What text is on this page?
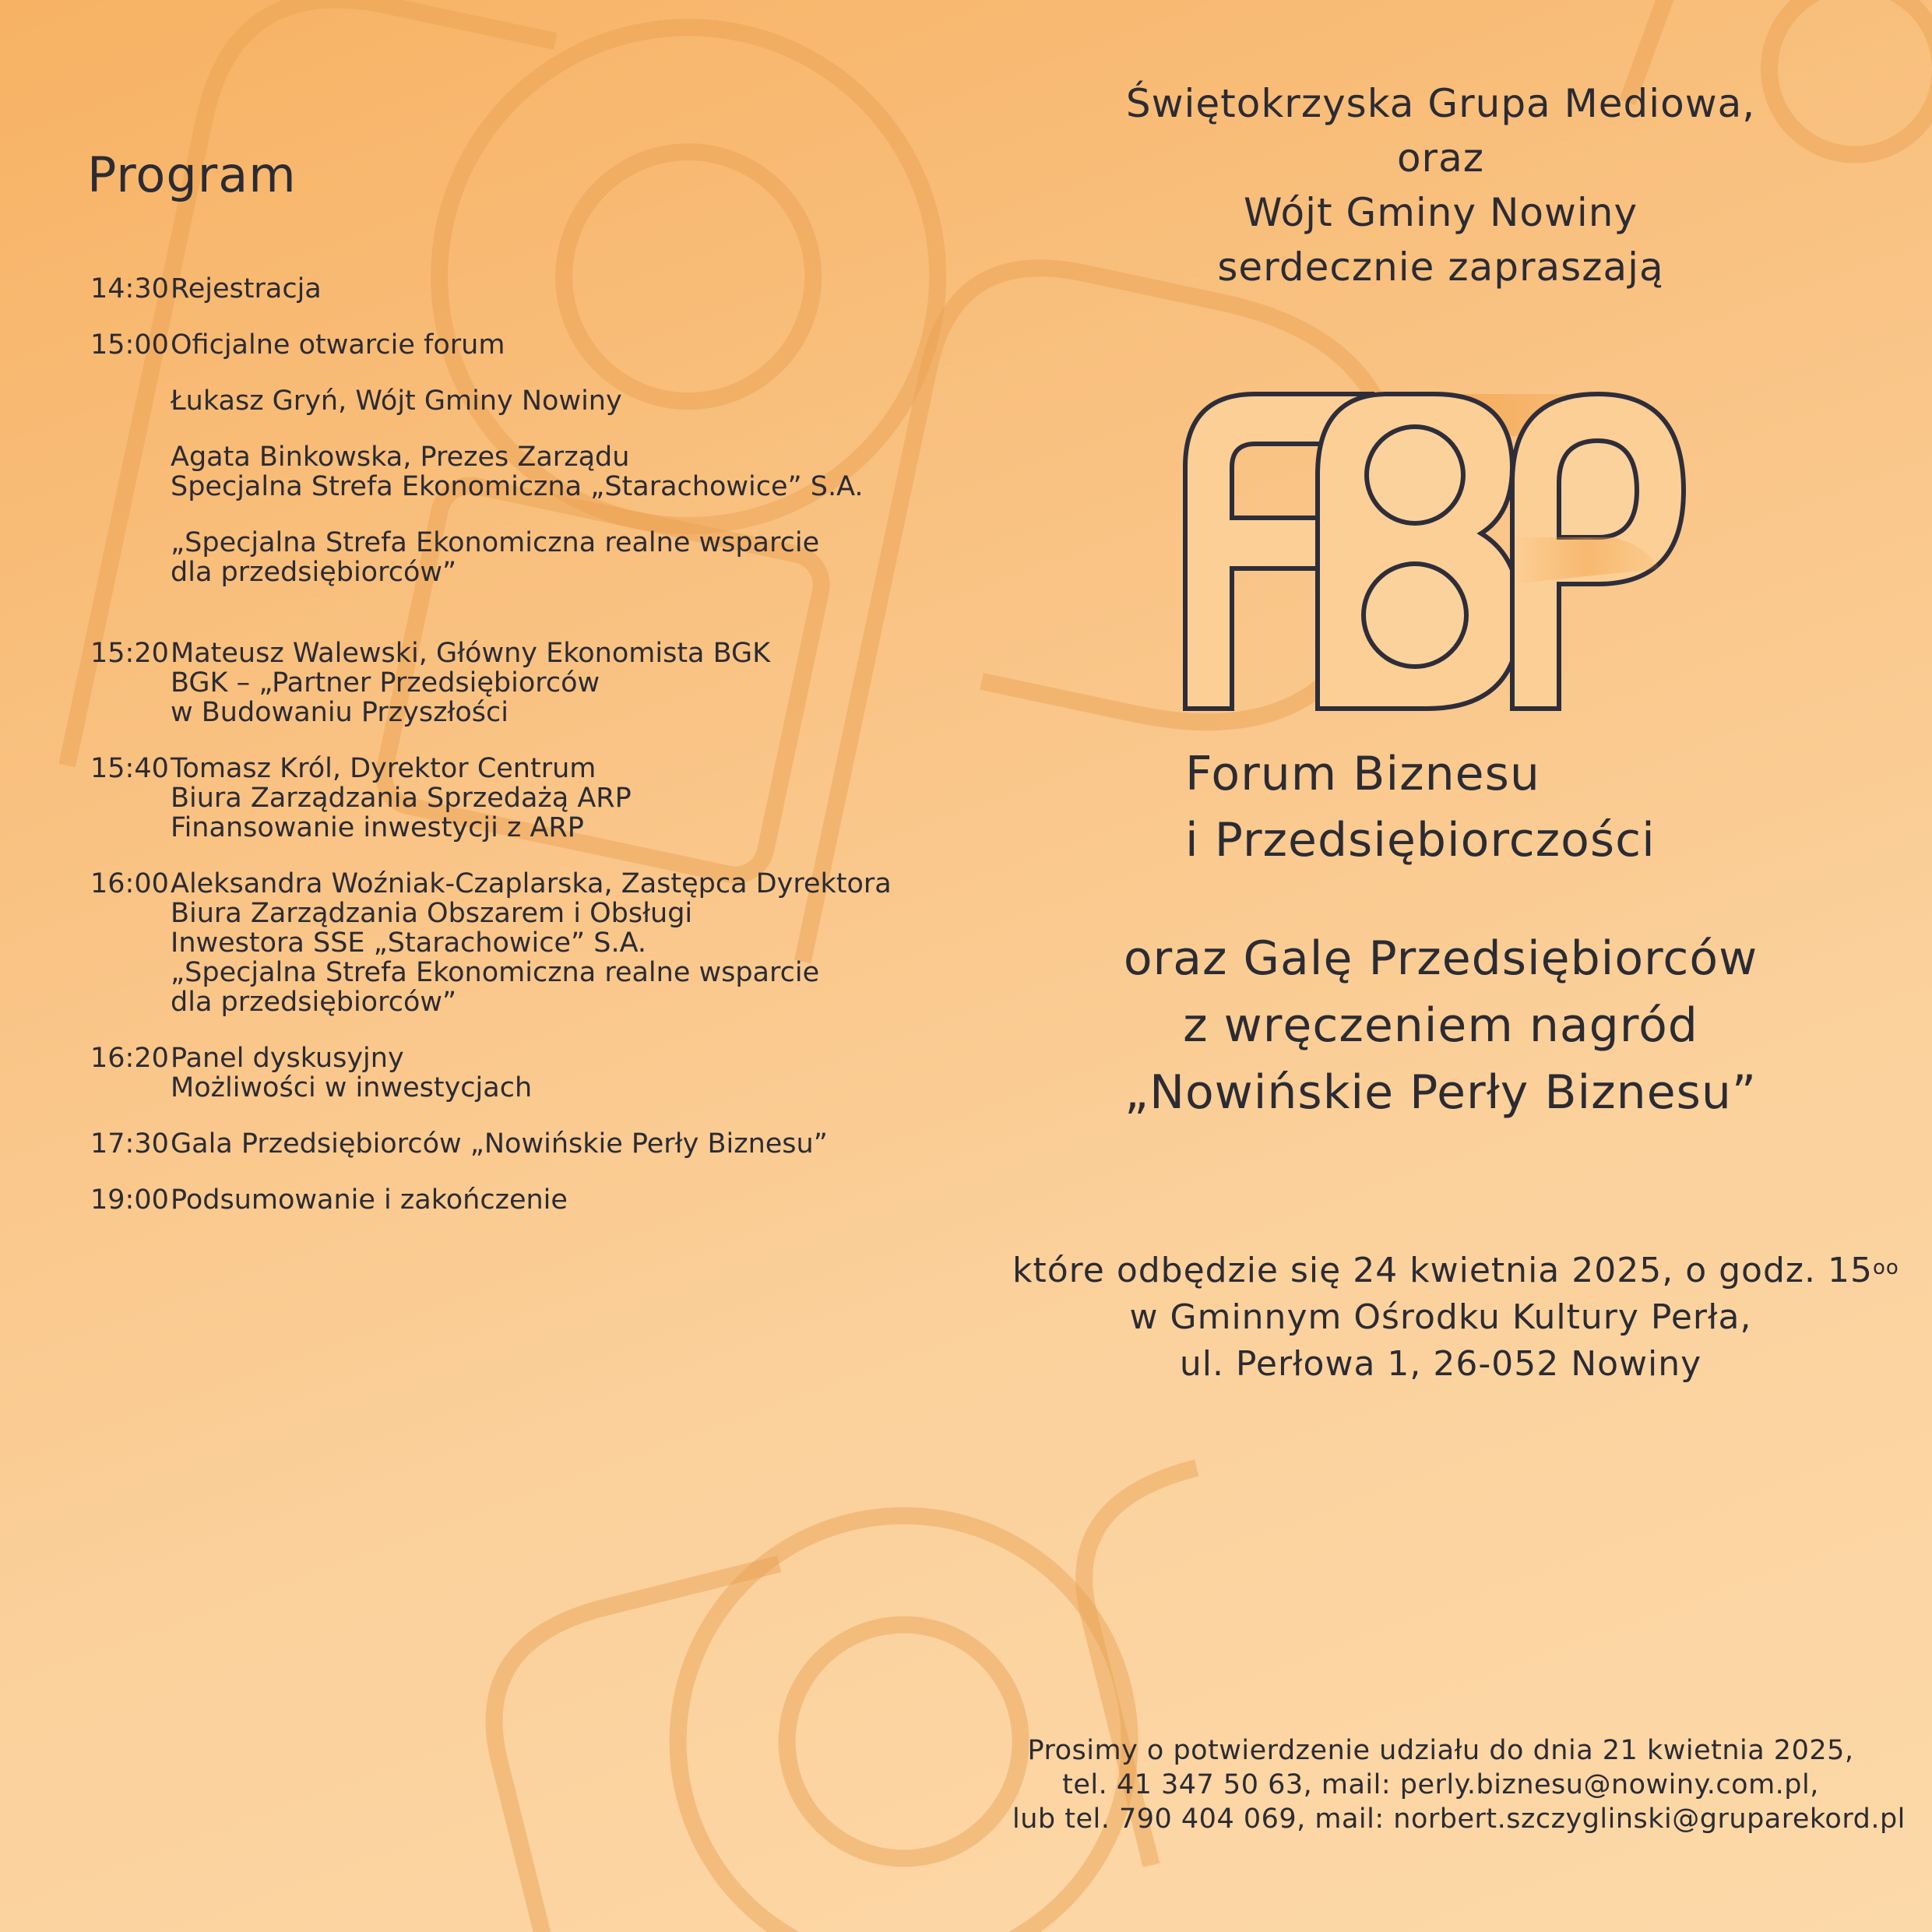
Program
14:30 Rejestracja
15:00 Oficjalne otwarcie forum
Łukasz Gryń, Wójt Gminy Nowiny
Agata Binkowska, Prezes Zarządu
Specjalna Strefa Ekonomiczna „Starachowice” S.A.
„Specjalna Strefa Ekonomiczna realne wsparcie
dla przedsiębiorców”
15:20 Mateusz Walewski, Główny Ekonomista BGK
BGK – „Partner Przedsiębiorców
w Budowaniu Przyszłości
15:40 Tomasz Król, Dyrektor Centrum
Biura Zarządzania Sprzedażą ARP
Finansowanie inwestycji z ARP
16:00 Aleksandra Woźniak-Czaplarska, Zastępca Dyrektora
Biura Zarządzania Obszarem i Obsługi
Inwestora SSE „Starachowice” S.A.
„Specjalna Strefa Ekonomiczna realne wsparcie
dla przedsiębiorców”
16:20 Panel dyskusyjny
Możliwości w inwestycjach
17:30 Gala Przedsiębiorców „Nowińskie Perły Biznesu”
19:00 Podsumowanie i zakończenie
Świętokrzyska Grupa Mediowa,
oraz
Wójt Gminy Nowiny
serdecznie zapraszają
Forum Biznesu
i Przedsiębiorczości
oraz Galę Przedsiębiorców
z wręczeniem nagród
„Nowińskie Perły Biznesu”
które odbędzie się 24 kwietnia 2025, o godz. $15^{oo}$
w Gminnym Ośrodku Kultury Perła,
ul. Perłowa 1, 26-052 Nowiny
Prosimy o potwierdzenie udziału do dnia 21 kwietnia 2025,
tel. 41 347 50 63, mail: perly.biznesu@nowiny.com.pl,
lub tel. 790 404 069, mail: norbert.szczyglinski@gruparekord.pl
